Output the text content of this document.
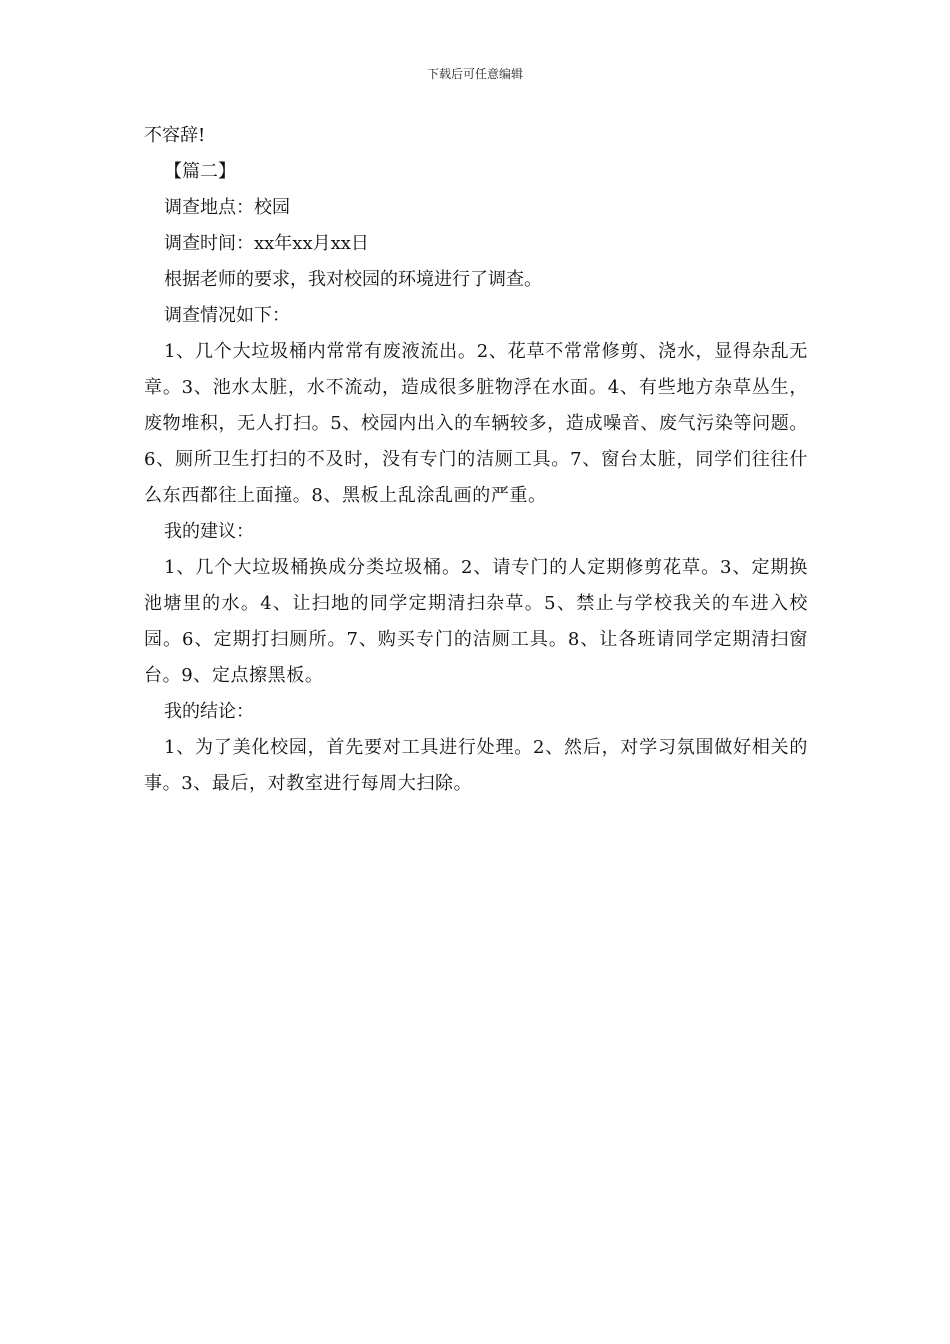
下载后可任意编辑

不容辞!

【篇二】

调查地点：校园

调查时间：xx年xx月xx日

根据老师的要求，我对校园的环境进行了调查。

调查情况如下：

1、几个大垃圾桶内常常有废液流出。2、花草不常常修剪、浇水，显得杂乱无章。3、池水太脏，水不流动，造成很多脏物浮在水面。4、有些地方杂草丛生，废物堆积，无人打扫。5、校园内出入的车辆较多，造成噪音、废气污染等问题。6、厕所卫生打扫的不及时，没有专门的洁厕工具。7、窗台太脏，同学们往往什么东西都往上面撞。8、黑板上乱涂乱画的严重。

我的建议：

1、几个大垃圾桶换成分类垃圾桶。2、请专门的人定期修剪花草。3、定期换池塘里的水。4、让扫地的同学定期清扫杂草。5、禁止与学校我关的车进入校园。6、定期打扫厕所。7、购买专门的洁厕工具。8、让各班请同学定期清扫窗台。9、定点擦黑板。

我的结论：

1、为了美化校园，首先要对工具进行处理。2、然后，对学习氛围做好相关的事。3、最后，对教室进行每周大扫除。
